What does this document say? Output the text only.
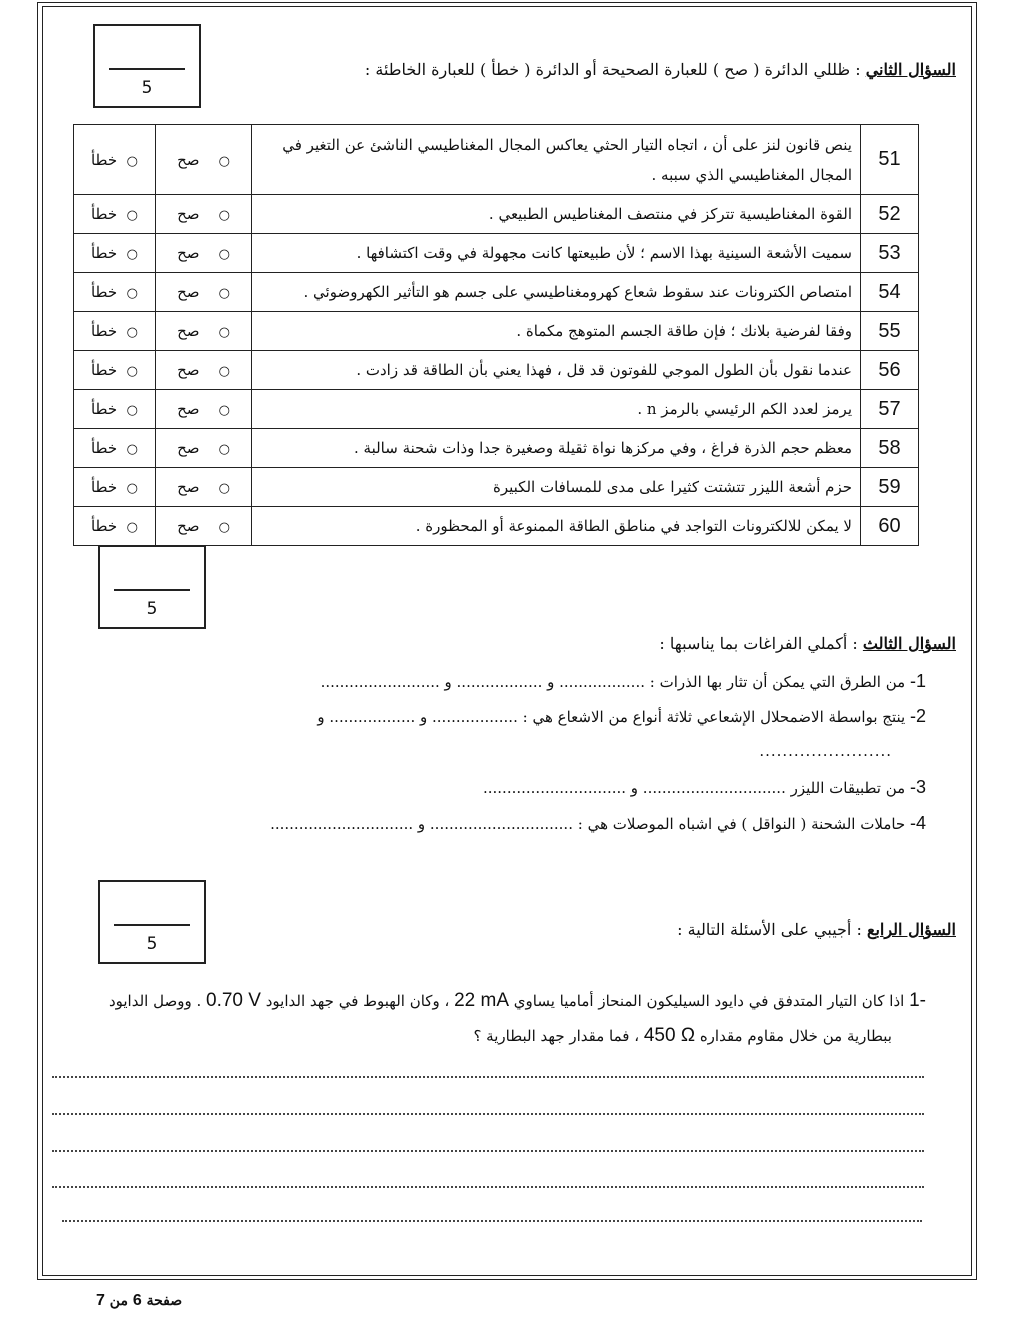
5
السؤال الثاني : ظللي الدائرة ( صح ) للعبارة الصحيحة أو الدائرة ( خطأ ) للعبارة الخاطئة :
51	ينص قانون لنز على أن ، اتجاه التيار الحثي يعاكس المجال المغناطيسي الناشئ عن التغير في المجال المغناطيسي الذي سببه .	○    صح	○  خطأ
52	القوة المغناطيسية تتركز في منتصف المغناطيس الطبيعي .	○    صح	○  خطأ
53	سميت الأشعة السينية بهذا الاسم ؛ لأن طبيعتها كانت مجهولة في وقت اكتشافها .	○    صح	○  خطأ
54	امتصاص الكترونات عند سقوط شعاع كهرومغناطيسي على جسم هو التأثير الكهروضوئي .	○    صح	○  خطأ
55	وفقا لفرضية بلانك ؛ فإن طاقة الجسم المتوهج مكماة .	○    صح	○  خطأ
56	عندما نقول بأن الطول الموجي للفوتون قد قل ، فهذا يعني بأن الطاقة قد زادت .	○    صح	○  خطأ
57	يرمز لعدد الكم الرئيسي بالرمز n .	○    صح	○  خطأ
58	معظم حجم الذرة فراغ ، وفي مركزها نواة ثقيلة وصغيرة جدا وذات شحنة سالبة .	○    صح	○  خطأ
59	حزم أشعة الليزر تتشتت كثيرا على مدى للمسافات الكبيرة	○    صح	○  خطأ
60	لا يمكن للالكترونات التواجد في مناطق الطاقة الممنوعة أو المحظورة .	○    صح	○  خطأ
5
السؤال الثالث : أكملي الفراغات بما يناسبها :
1- من الطرق التي يمكن أن تثار بها الذرات : .................. و .................. و .........................
2- ينتج بواسطة الاضمحلال الإشعاعي ثلاثة أنواع من الاشعاع هي : .................. و .................. و
.......................
3- من تطبيقات الليزر .............................. و ..............................
4- حاملات الشحنة ( النواقل ) في اشباه الموصلات هي : .............................. و ..............................
5
السؤال الرابع : أجيبي على الأسئلة التالية :
1- اذا كان التيار المتدفق في دايود السيليكون المنحاز أماميا يساوي 22 mA ، وكان الهبوط في جهد الدايود 0.70 V . ووصل الدايود
ببطارية من خلال مقاوم مقداره 450 Ω ، فما مقدار جهد البطارية ؟
صفحة 6 من 7
